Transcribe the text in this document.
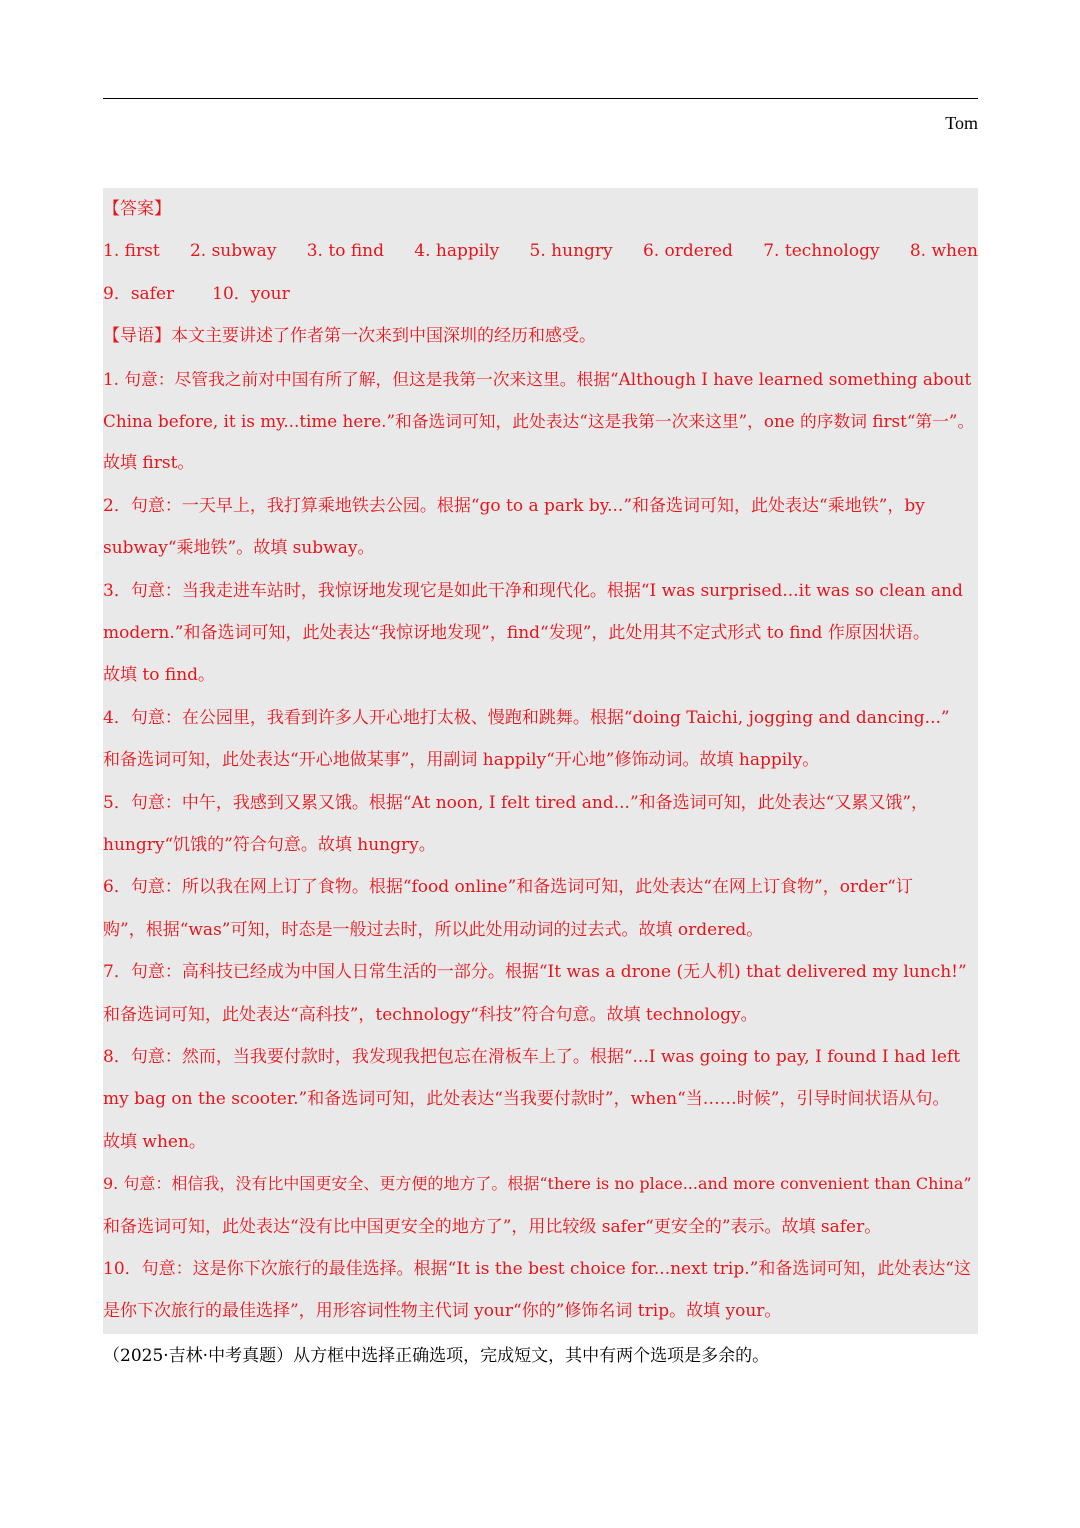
Tom
【答案】
1. first 2. subway 3. to find 4. happily 5. hungry 6. ordered 7. technology 8. when
9．safer 10．your
【导语】本文主要讲述了作者第一次来到中国深圳的经历和感受。
1. 句意：尽管我之前对中国有所了解，但这是我第一次来这里。根据“Although I have learned something about
China before, it is my...time here.”和备选词可知，此处表达“这是我第一次来这里”，one 的序数词 first“第一”。
故填 first。
2．句意：一天早上，我打算乘地铁去公园。根据“go to a park by...”和备选词可知，此处表达“乘地铁”，by
subway“乘地铁”。故填 subway。
3．句意：当我走进车站时，我惊讶地发现它是如此干净和现代化。根据“I was surprised...it was so clean and
modern.”和备选词可知，此处表达“我惊讶地发现”，find“发现”，此处用其不定式形式 to find 作原因状语。
故填 to find。
4．句意：在公园里，我看到许多人开心地打太极、慢跑和跳舞。根据“doing Taichi, jogging and dancing...”
和备选词可知，此处表达“开心地做某事”，用副词 happily“开心地”修饰动词。故填 happily。
5．句意：中午，我感到又累又饿。根据“At noon, I felt tired and...”和备选词可知，此处表达“又累又饿”，
hungry“饥饿的”符合句意。故填 hungry。
6．句意：所以我在网上订了食物。根据“food online”和备选词可知，此处表达“在网上订食物”，order“订
购”，根据“was”可知，时态是一般过去时，所以此处用动词的过去式。故填 ordered。
7．句意：高科技已经成为中国人日常生活的一部分。根据“It was a drone (无人机) that delivered my lunch!”
和备选词可知，此处表达“高科技”，technology“科技”符合句意。故填 technology。
8．句意：然而，当我要付款时，我发现我把包忘在滑板车上了。根据“...I was going to pay, I found I had left
my bag on the scooter.”和备选词可知，此处表达“当我要付款时”，when“当……时候”，引导时间状语从句。
故填 when。
9. 句意：相信我，没有比中国更安全、更方便的地方了。根据“there is no place...and more convenient than China”
和备选词可知，此处表达“没有比中国更安全的地方了”，用比较级 safer“更安全的”表示。故填 safer。
10．句意：这是你下次旅行的最佳选择。根据“It is the best choice for...next trip.”和备选词可知，此处表达“这
是你下次旅行的最佳选择”，用形容词性物主代词 your“你的”修饰名词 trip。故填 your。
（2025·吉林·中考真题）从方框中选择正确选项，完成短文，其中有两个选项是多余的。
